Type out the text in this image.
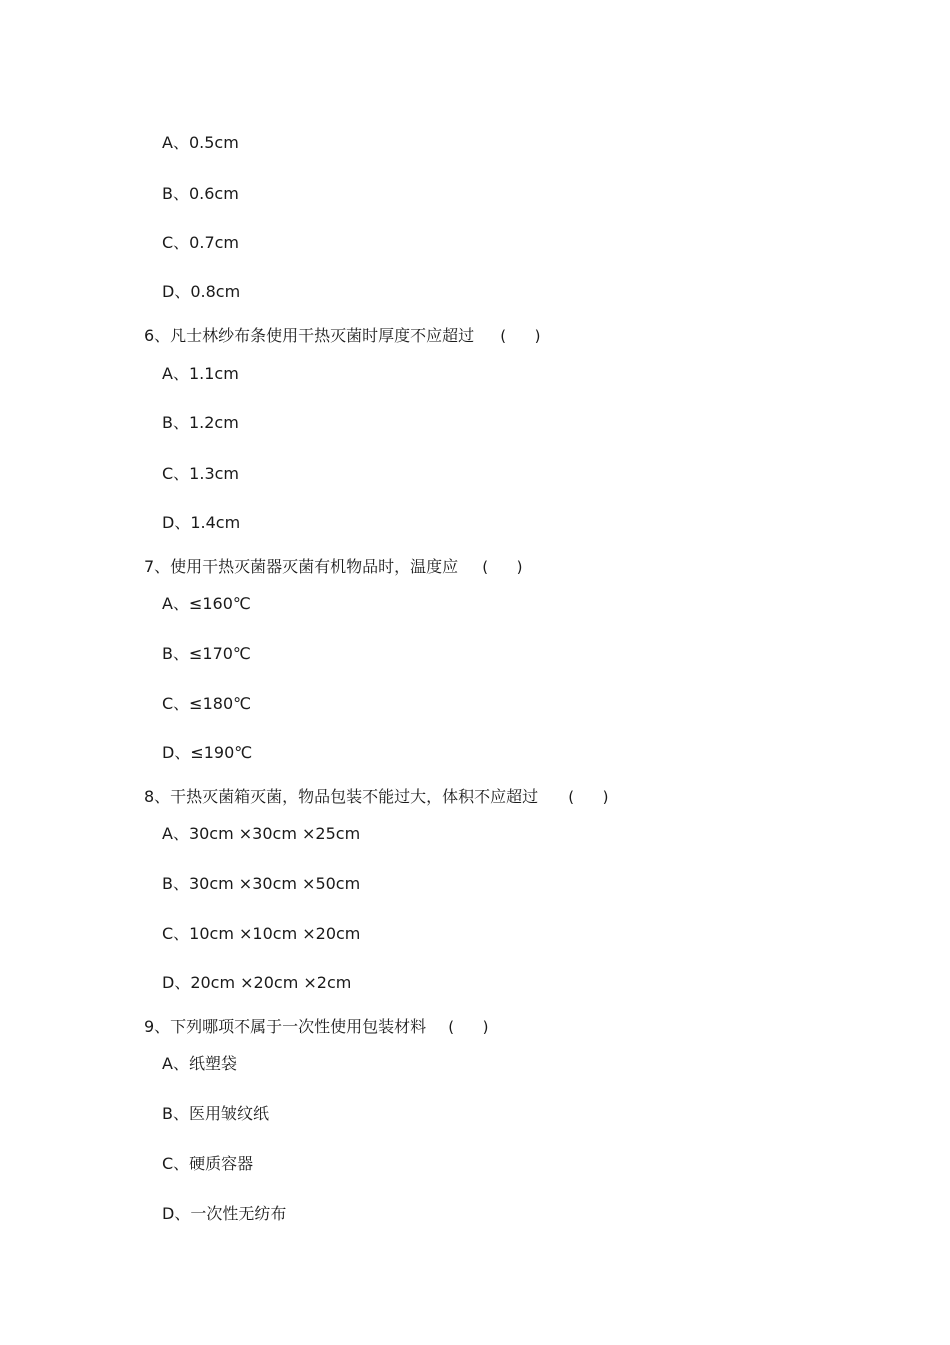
A、0.5cm
B、0.6cm
C、0.7cm
D、0.8cm
6、凡士林纱布条使用干热灭菌时厚度不应超过 (      )
A、1.1cm
B、1.2cm
C、1.3cm
D、1.4cm
7、使用干热灭菌器灭菌有机物品时，温度应 (      )
A、≤160℃
B、≤170℃
C、≤180℃
D、≤190℃
8、干热灭菌箱灭菌，物品包装不能过大，体积不应超过 (      )
A、30cm ×30cm ×25cm
B、30cm ×30cm ×50cm
C、10cm ×10cm ×20cm
D、20cm ×20cm ×2cm
9、下列哪项不属于一次性使用包装材料 (      )
A、纸塑袋
B、医用皱纹纸
C、硬质容器
D、一次性无纺布
